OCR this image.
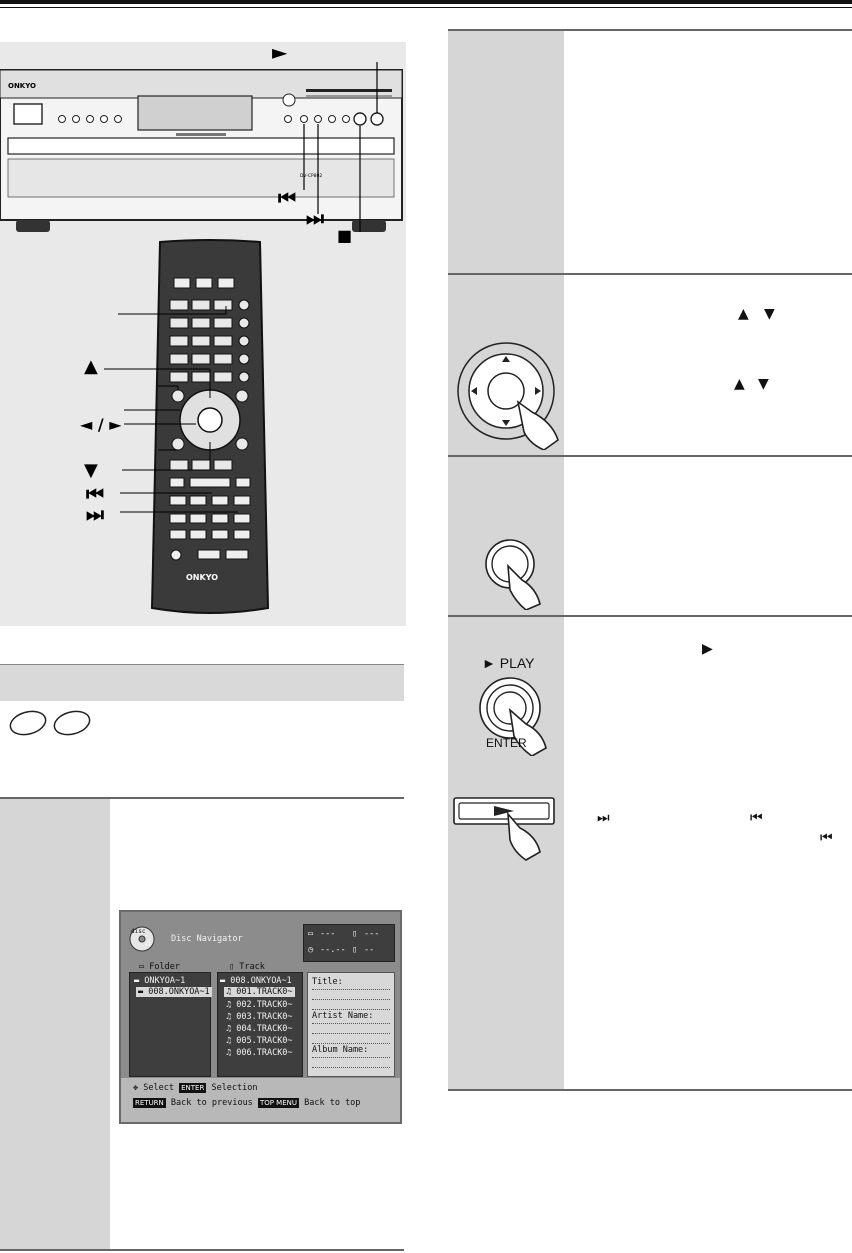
ONKYO
DV-CP802
►
⏮
⏭
■
ONKYO
▲
◄ / ►
▼
⏮
⏭
disc
4 Disc Navigator	▭ --- ▯ ---
◷ --.-- ▯ --
▭ Folder
▬ ONKYOA~1
▬ 008.ONKYOA~1
▯ Track
▬ 008.ONKYOA~1
♫ 001.TRACK0~
♫ 002.TRACK0~
♫ 003.TRACK0~
♫ 004.TRACK0~
♫ 005.TRACK0~
♫ 006.TRACK0~
Title:
Artist Name:
Album Name:
✥ Select ENTER Selection
RETURN Back to previous TOP MENU Back to top
▲ ▼
▲ ▼
► PLAY
ENTER
▶
⏭	⏮
⏮
